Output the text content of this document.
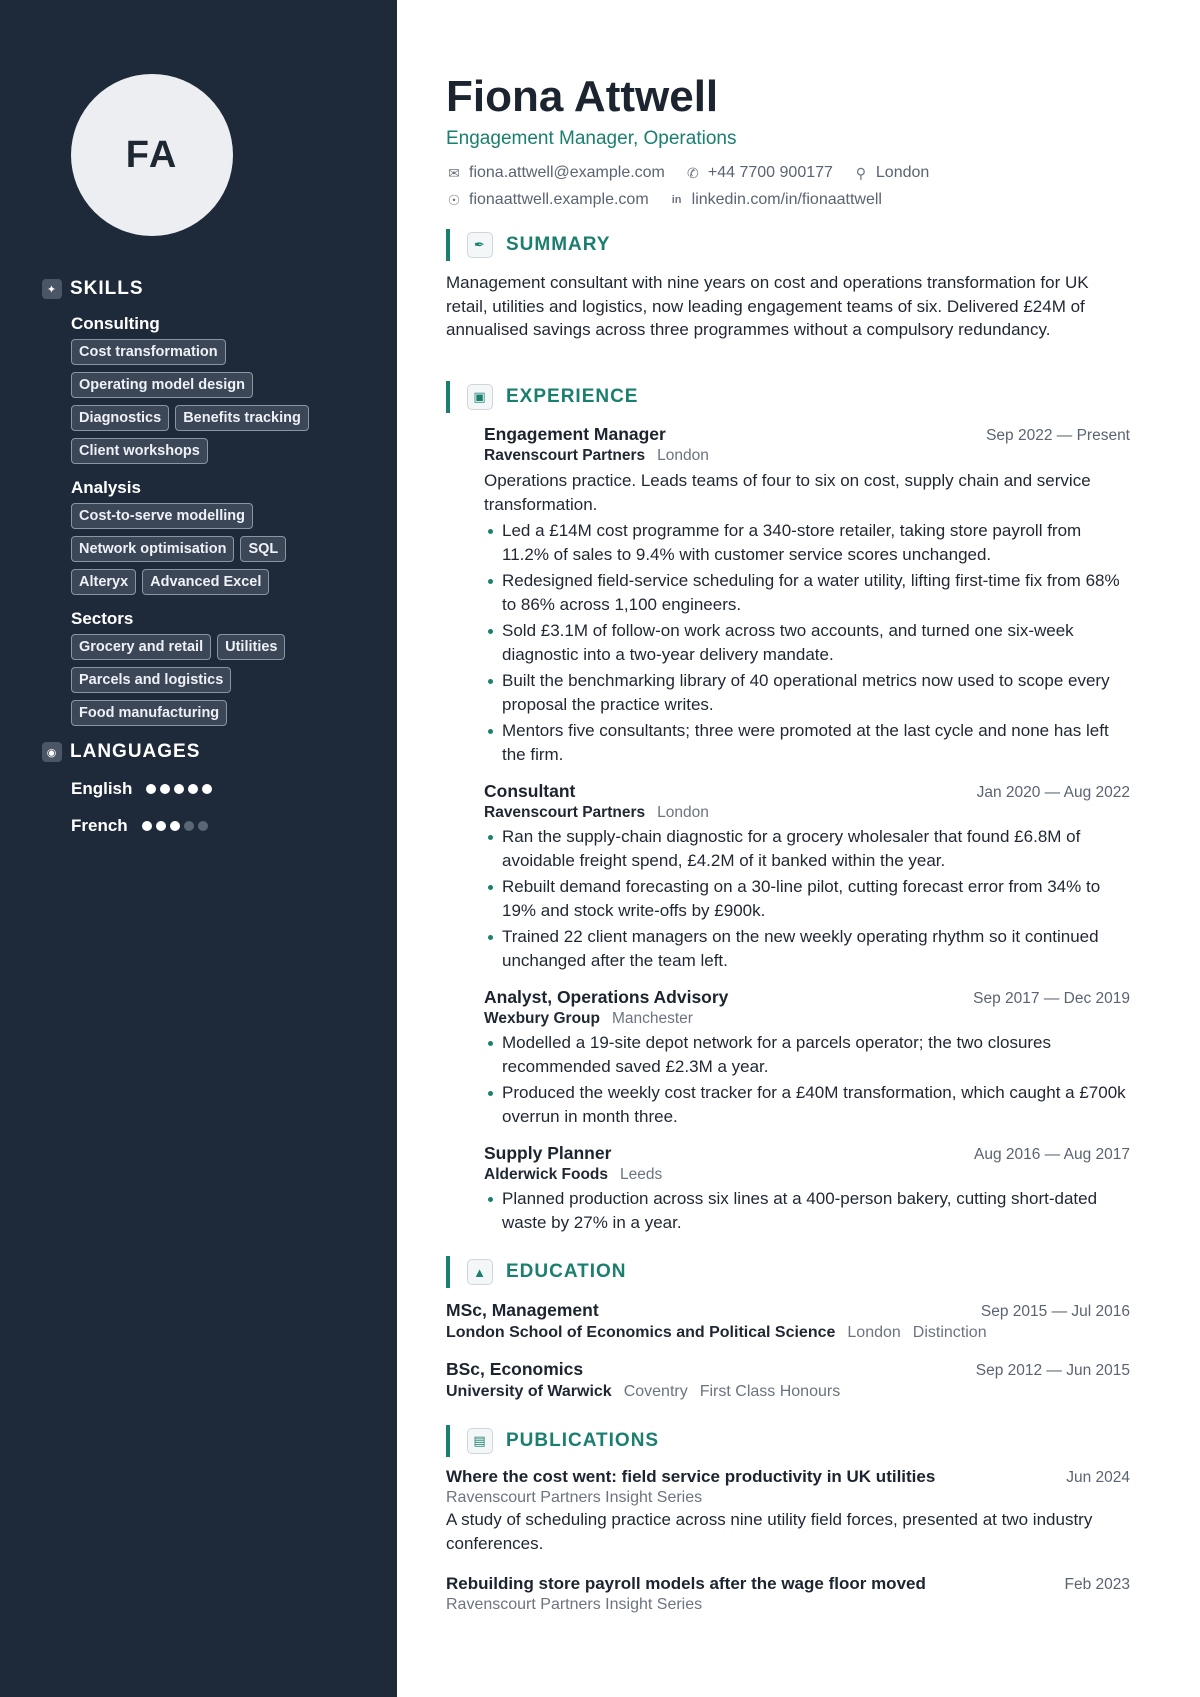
FA
✦ SKILLS
Consulting
Cost transformation
Operating model design
Diagnostics	Benefits tracking
Client workshops
Analysis
Cost-to-serve modelling
Network optimisation	SQL
Alteryx	Advanced Excel
Sectors
Grocery and retail	Utilities
Parcels and logistics
Food manufacturing
◉ LANGUAGES
English
French
Fiona Attwell
Engagement Manager, Operations
✉ fiona.attwell@example.com ✆ +44 7700 900177 ⚲ London
☉ fionaattwell.example.com in linkedin.com/in/fionaattwell
✒	SUMMARY
Management consultant with nine years on cost and operations transformation for UK retail, utilities and logistics, now leading engagement teams of six. Delivered £24M of annualised savings across three programmes without a compulsory redundancy.
▣	EXPERIENCE
Engagement Manager	Sep 2022 — Present
Ravenscourt Partners London
Operations practice. Leads teams of four to six on cost, supply chain and service transformation.
Led a £14M cost programme for a 340-store retailer, taking store payroll from 11.2% of sales to 9.4% with customer service scores unchanged.
Redesigned field-service scheduling for a water utility, lifting first-time fix from 68% to 86% across 1,100 engineers.
Sold £3.1M of follow-on work across two accounts, and turned one six-week diagnostic into a two-year delivery mandate.
Built the benchmarking library of 40 operational metrics now used to scope every proposal the practice writes.
Mentors five consultants; three were promoted at the last cycle and none has left the firm.
Consultant	Jan 2020 — Aug 2022
Ravenscourt Partners London
Ran the supply-chain diagnostic for a grocery wholesaler that found £6.8M of avoidable freight spend, £4.2M of it banked within the year.
Rebuilt demand forecasting on a 30-line pilot, cutting forecast error from 34% to 19% and stock write-offs by £900k.
Trained 22 client managers on the new weekly operating rhythm so it continued unchanged after the team left.
Analyst, Operations Advisory	Sep 2017 — Dec 2019
Wexbury Group Manchester
Modelled a 19-site depot network for a parcels operator; the two closures recommended saved £2.3M a year.
Produced the weekly cost tracker for a £40M transformation, which caught a £700k overrun in month three.
Supply Planner	Aug 2016 — Aug 2017
Alderwick Foods Leeds
Planned production across six lines at a 400-person bakery, cutting short-dated waste by 27% in a year.
▲	EDUCATION
MSc, Management	Sep 2015 — Jul 2016
London School of Economics and Political Science London Distinction
BSc, Economics	Sep 2012 — Jun 2015
University of Warwick Coventry First Class Honours
▤	PUBLICATIONS
Where the cost went: field service productivity in UK utilities	Jun 2024
Ravenscourt Partners Insight Series
A study of scheduling practice across nine utility field forces, presented at two industry conferences.
Rebuilding store payroll models after the wage floor moved	Feb 2023
Ravenscourt Partners Insight Series
